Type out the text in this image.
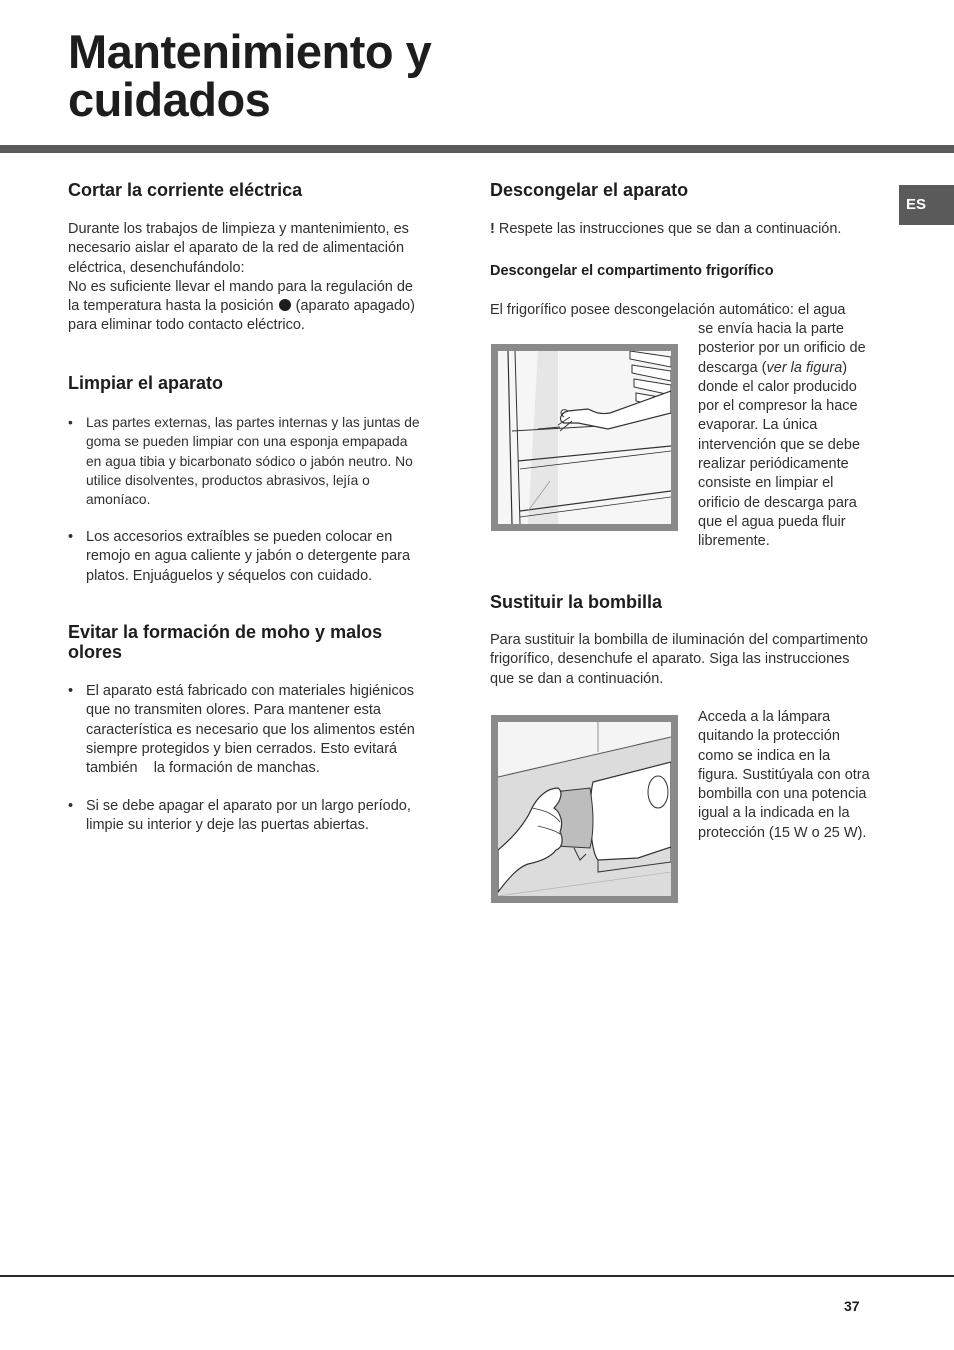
Mantenimiento y
cuidados
ES
Cortar la corriente eléctrica
Durante los trabajos de limpieza y mantenimiento, es
necesario aislar el aparato de la red de alimentación
eléctrica, desenchufándolo:
No es suficiente llevar el mando para la regulación de
la temperatura hasta la posición (aparato apagado)
para eliminar todo contacto eléctrico.
Limpiar el aparato
• Las partes externas, las partes internas y las juntas de
goma se pueden limpiar con una esponja empapada
en agua tibia y bicarbonato sódico o jabón neutro. No
utilice disolventes, productos abrasivos, lejía o
amoníaco.
• Los accesorios extraíbles se pueden colocar en
remojo en agua caliente y jabón o detergente para
platos. Enjuáguelos y séquelos con cuidado.
Evitar la formación de moho y malos
olores
• El aparato está fabricado con materiales higiénicos
que no transmiten olores. Para mantener esta
característica es necesario que los alimentos estén
siempre protegidos y bien cerrados. Esto evitará
también    la formación de manchas.
• Si se debe apagar el aparato por un largo período,
limpie su interior y deje las puertas abiertas.
Descongelar el aparato
! Respete las instrucciones que se dan a continuación.
Descongelar el compartimento frigorífico
El frigorífico posee descongelación automático: el agua
se envía hacia la parte
posterior por un orificio de
descarga (ver la figura)
donde el calor producido
por el compresor la hace
evaporar. La única
intervención que se debe
realizar periódicamente
consiste en limpiar el
orificio de descarga para
que el agua pueda fluir
libremente.
Sustituir la bombilla
Para sustituir la bombilla de iluminación del compartimento
frigorífico, desenchufe el aparato. Siga las instrucciones
que se dan a continuación.
Acceda a la lámpara
quitando la protección
como se indica en la
figura. Sustitúyala con otra
bombilla con una potencia
igual a la indicada en la
protección (15 W o 25 W).
37
